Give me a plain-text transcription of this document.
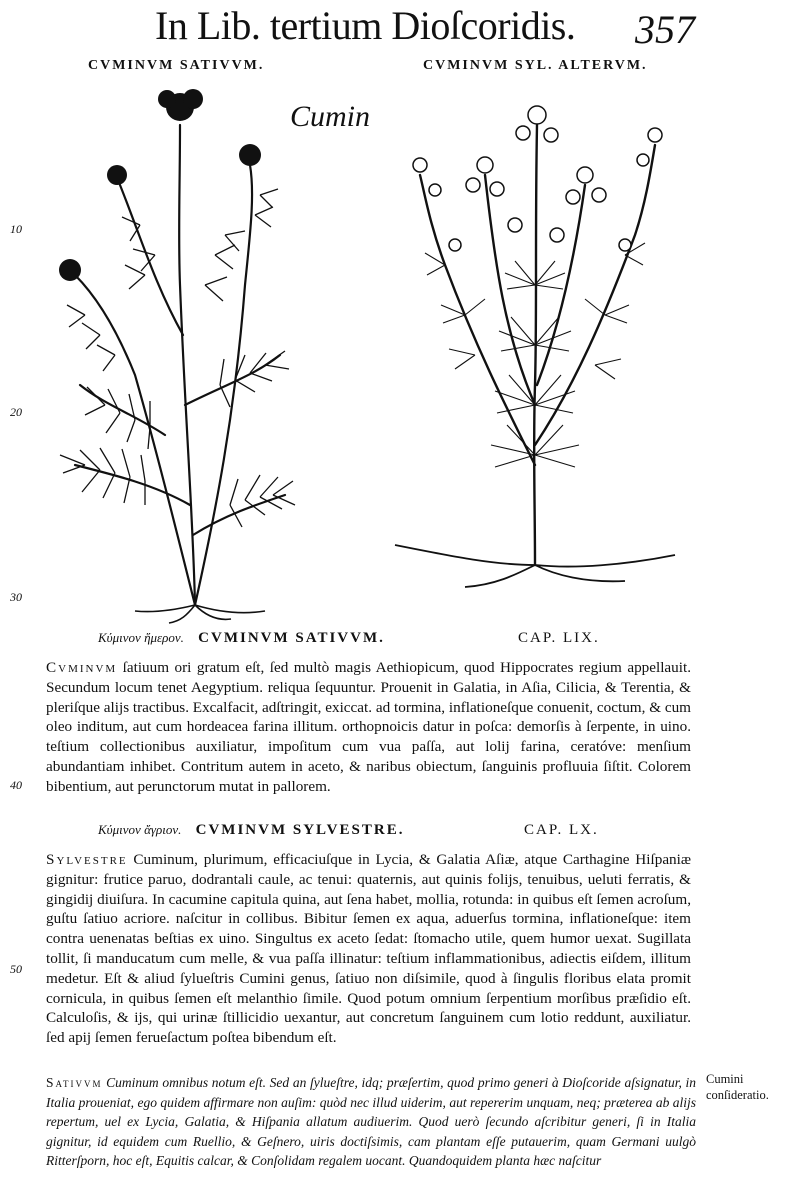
In Lib. tertium Dioſcoridis. 357
CVMINVM SATIVVM.	CVMINVM SYL. ALTERVM.
Cumin
10
20
30
40
50
Κύμινον ἥμερον. CVMINVM SATIVVM.	CAP. LIX.
Cvminvm ſatiuum ori gratum eſt, ſed multò magis Aethiopicum, quod Hippocrates regium appellauit. Secundum locum tenet Aegyptium. reliqua ſequuntur. Prouenit in Galatia, in Aſia, Cilicia, & Terentia, & pleriſque alijs tractibus. Excalfacit, adſtringit, exiccat. ad tormina, inflationeſque conuenit, coctum, & cum oleo inditum, aut cum hordeacea farina illitum. orthopnoicis datur in poſca: demorſis à ſerpente, in uino. teſtium collectionibus auxiliatur, impoſitum cum vua paſſa, aut lolij farina, ceratóve: menſium abundantiam inhibet. Contritum autem in aceto, & naribus obiectum, ſanguinis profluuia ſiſtit. Colorem bibentium, aut perunctorum mutat in pallorem.
Κύμινον ἄγριον. CVMINVM SYLVESTRE.	CAP. LX.
Sylvestre Cuminum, plurimum, efficaciuſque in Lycia, & Galatia Aſiæ, atque Carthagine Hiſpaniæ gignitur: frutice paruo, dodrantali caule, ac tenui: quaternis, aut quinis folijs, tenuibus, ueluti ferratis, & gingidij diuiſura. In cacumine capitula quina, aut ſena habet, mollia, rotunda: in quibus eſt ſemen acroſum, guſtu ſatiuo acriore. naſcitur in collibus. Bibitur ſemen ex aqua, aduerſus tormina, inflationeſque: item contra uenenatas beſtias ex uino. Singultus ex aceto ſedat: ſtomacho utile, quem humor uexat. Sugillata tollit, ſi manducatum cum melle, & vua paſſa illinatur: teſtium inflammationibus, adiectis eiſdem, illitum medetur. Eſt & aliud ſylueſtris Cumini genus, ſatiuo non diſsimile, quod à ſingulis floribus elata promit cornicula, in quibus ſemen eſt melanthio ſimile. Quod potum omnium ſerpentium morſibus præſidio eſt. Calculoſis, & ijs, qui urinæ ſtillicidio uexantur, aut concretum ſanguinem cum lotio reddunt, auxiliatur. ſed apij ſemen ferueſactum poſtea bibendum eſt.
Sativvm Cuminum omnibus notum eſt. Sed an ſylueſtre, idq; præſertim, quod primo generi à Dioſcoride aſsignatur, in Italia proueniat, ego quidem affirmare non auſim: quòd nec illud uiderim, aut repererim unquam, neq; præterea ab alijs repertum, uel ex Lycia, Galatia, & Hiſpania allatum audiuerim. Quod uerò ſecundo aſcribitur generi, ſi in Italia gignitur, id equidem cum Ruellio, & Geſnero, uiris doctiſsimis, cam plantam eſſe putauerim, quam Germani uulgò Ritterſporn, hoc eſt, Equitis calcar, & Conſolidam regalem uocant. Quandoquidem planta hæc naſcitur
Cumini conſideratio.
